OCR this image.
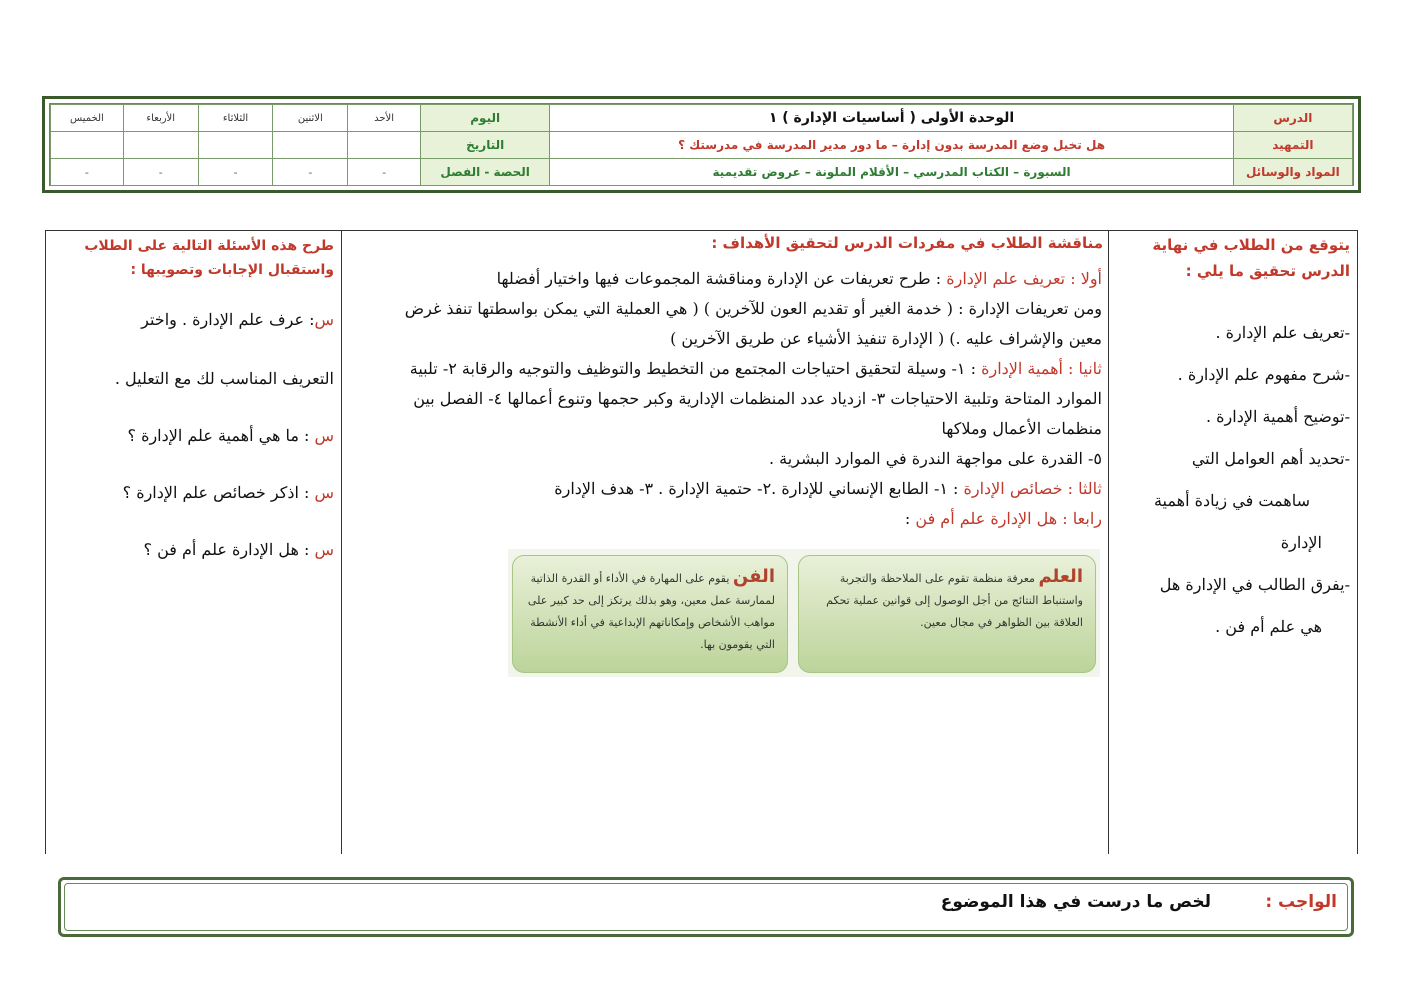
الدرس	الوحدة الأولى ( أساسيات الإدارة ) ١	اليوم	الأحد	الاثنين	الثلاثاء	الأربعاء	الخميس
التمهيد	هل تخيل وضع المدرسة بدون إدارة – ما دور مدير المدرسة في مدرستك ؟	التاريخ					
المواد والوسائل	السبورة – الكتاب المدرسي – الأقلام الملونة – عروض تقديمية	الحصة - الفصل	-	-	-	-	-
يتوقع من الطلاب في نهاية الدرس تحقيق ما يلي :
-تعريف علم الإدارة .
-شرح مفهوم علم الإدارة .
-توضيح أهمية الإدارة .
-تحديد أهم العوامل التي
ساهمت في زيادة أهمية
الإدارة
-يفرق الطالب في الإدارة هل
هي علم أم فن .
مناقشة الطلاب في مفردات الدرس لتحقيق الأهداف :
أولا : تعريف علم الإدارة : طرح تعريفات عن الإدارة ومناقشة المجموعات فيها واختيار أفضلها
ومن تعريفات الإدارة : ( خدمة الغير أو تقديم العون للآخرين ) ( هي العملية التي يمكن بواسطتها تنفذ غرض معين والإشراف عليه .) ( الإدارة تنفيذ الأشياء عن طريق الآخرين )
ثانيا : أهمية الإدارة : ١- وسيلة لتحقيق احتياجات المجتمع من التخطيط والتوظيف والتوجيه والرقابة ٢- تلبية الموارد المتاحة وتلبية الاحتياجات ٣- ازدياد عدد المنظمات الإدارية وكبر حجمها وتنوع أعمالها ٤- الفصل بين منظمات الأعمال وملاكها
٥- القدرة على مواجهة الندرة في الموارد البشرية .
ثالثا : خصائص الإدارة : ١- الطابع الإنساني للإدارة .٢- حتمية الإدارة . ٣- هدف الإدارة
رابعا : هل الإدارة علم أم فن :
العلم معرفة منظمة تقوم على الملاحظة والتجربة واستنباط النتائج من أجل الوصول إلى قوانين عملية تحكم العلاقة بين الظواهر في مجال معين.
الفن يقوم على المهارة في الأداء أو القدرة الذاتية لممارسة عمل معين، وهو بذلك يرتكز إلى حد كبير على مواهب الأشخاص وإمكاناتهم الإبداعية في أداء الأنشطة التي يقومون بها.
طرح هذه الأسئلة التالية على الطلاب واستقبال الإجابات وتصويبها :
س: عرف علم الإدارة . واختر
التعريف المناسب لك مع التعليل .
س : ما هي أهمية علم الإدارة ؟
س : اذكر خصائص علم الإدارة ؟
س : هل الإدارة علم أم فن ؟
الواجب :
لخص ما درست في هذا الموضوع
